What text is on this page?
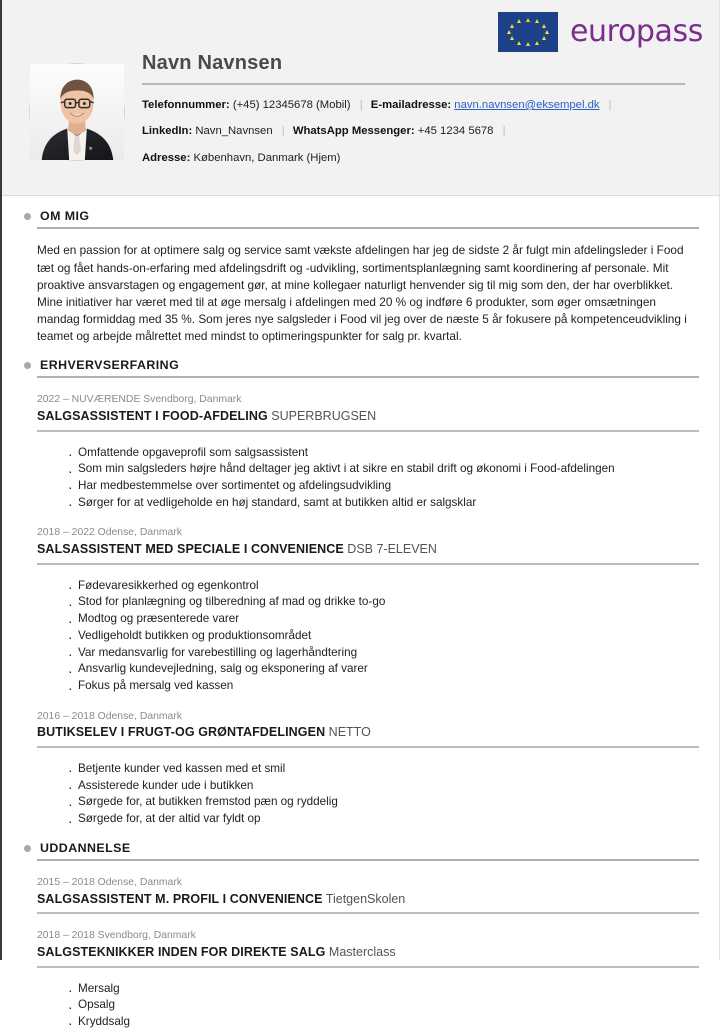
europass
Navn Navnsen
Telefonnummer: (+45) 12345678 (Mobil) | E-mailadresse: navn.navnsen@eksempel.dk |
LinkedIn: Navn_Navnsen | WhatsApp Messenger: +45 1234 5678 |
Adresse: København, Danmark (Hjem)
OM MIG

Med en passion for at optimere salg og service samt vækste afdelingen har jeg de sidste 2 år fulgt min afdelingsleder i Food tæt og fået hands-on-erfaring med afdelingsdrift og -udvikling, sortimentsplanlægning samt koordinering af personale. Mit proaktive ansvarstagen og engagement gør, at mine kollegaer naturligt henvender sig til mig som den, der har overblikket. Mine initiativer har været med til at øge mersalg i afdelingen med 20 % og indføre 6 produkter, som øger omsætningen mandag formiddag med 35 %. Som jeres nye salgsleder i Food vil jeg over de næste 5 år fokusere på kompetenceudvikling i teamet og arbejde målrettet med mindst to optimeringspunkter for salg pr. kvartal.

ERHVERVSERFARING
2022 – NUVÆRENDE Svendborg, Danmark
SALGSASSISTENT I FOOD-AFDELING SUPERBRUGSEN
· Omfattende opgaveprofil som salgsassistent
· Som min salgsleders højre hånd deltager jeg aktivt i at sikre en stabil drift og økonomi i Food-afdelingen
· Har medbestemmelse over sortimentet og afdelingsudvikling
· Sørger for at vedligeholde en høj standard, samt at butikken altid er salgsklar
2018 – 2022 Odense, Danmark
SALSASSISTENT MED SPECIALE I CONVENIENCE DSB 7-ELEVEN
· Fødevaresikkerhed og egenkontrol
· Stod for planlægning og tilberedning af mad og drikke to-go
· Modtog og præsenterede varer
· Vedligeholdt butikken og produktionsområdet
· Var medansvarlig for varebestilling og lagerhåndtering
· Ansvarlig kundevejledning, salg og eksponering af varer
· Fokus på mersalg ved kassen
2016 – 2018 Odense, Danmark
BUTIKSELEV I FRUGT-OG GRØNTAFDELINGEN NETTO
· Betjente kunder ved kassen med et smil
· Assisterede kunder ude i butikken
· Sørgede for, at butikken fremstod pæn og ryddelig
· Sørgede for, at der altid var fyldt op
UDDANNELSE
2015 – 2018 Odense, Danmark
SALGSASSISTENT M. PROFIL I CONVENIENCE TietgenSkolen
2018 – 2018 Svendborg, Danmark
SALGSTEKNIKKER INDEN FOR DIREKTE SALG Masterclass
· Mersalg
· Opsalg
· Kryddsalg
